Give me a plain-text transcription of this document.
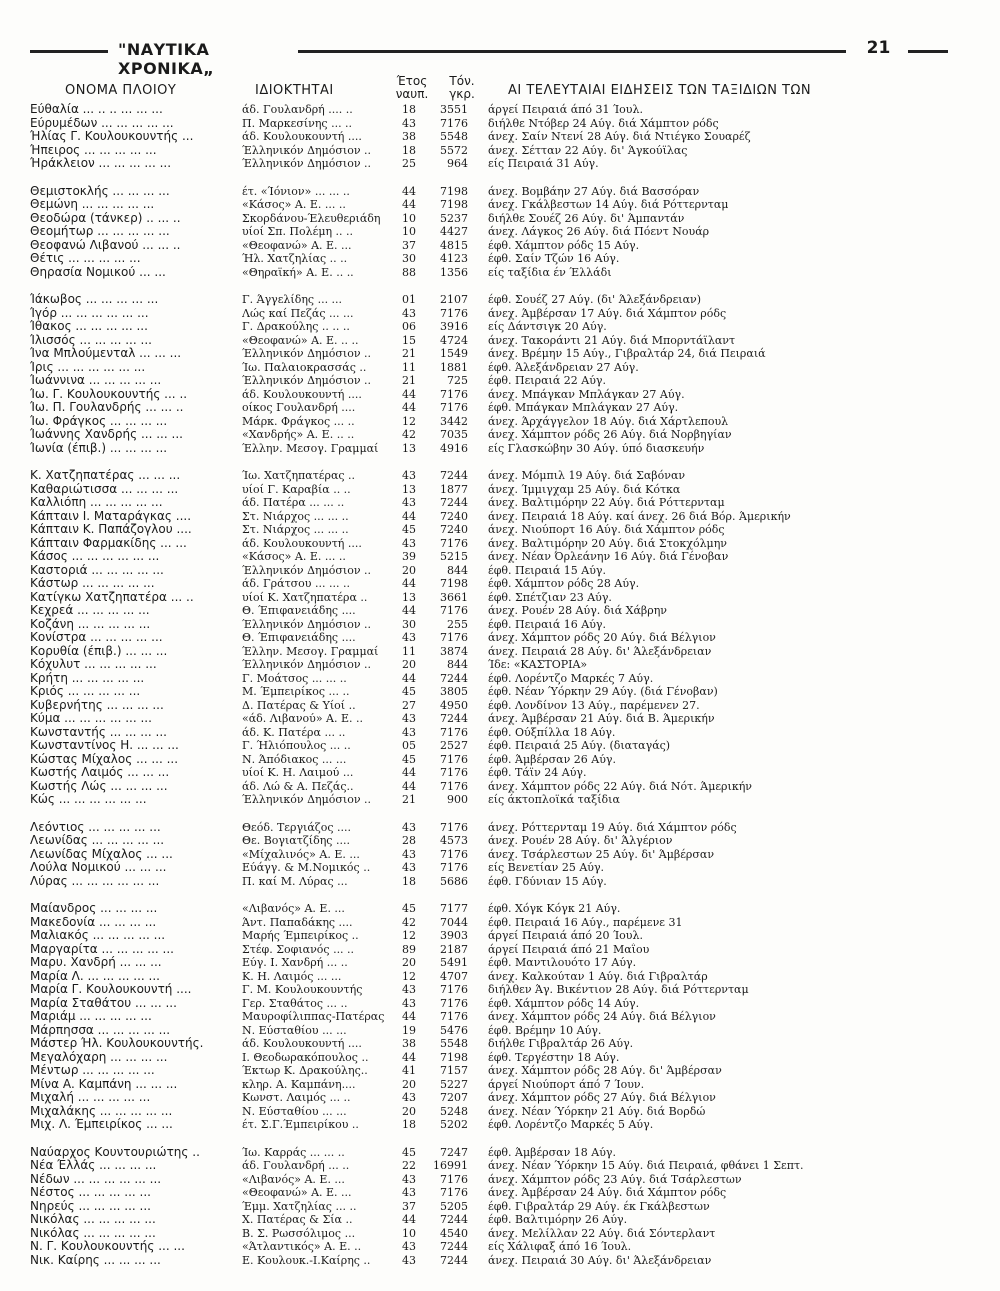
"ΝΑΥΤΙΚΑ ΧΡΟΝΙΚΑ„
21
ΟΝΟΜΑ ΠΛΟΙΟΥ	ΙΔΙΟΚΤΗΤΑΙ
Έτος
ναυπ.
Τόν.
γκρ.	ΑΙ ΤΕΛΕΥΤΑΙΑΙ ΕΙΔΗΣΕΙΣ ΤΩΝ ΤΑΞΙΔΙΩΝ ΤΩΝ
Εύθαλία ... .. .. ... ... ...	άδ. Γουλανδρή .... ..	18	3551	άργεί Πειραιά άπό 31 Ίουλ.
Εύρυμέδων ... ... ... ... ...	Π. Μαρκεσίνης ... ..	43	7176	διήλθε Ντόβερ 24 Αύγ. διά Χάμπτον ρόδς
Ήλίας Γ. Κουλουκουντής ...	άδ. Κουλουκουντή ....	38	5548	άνεχ. Σαίν Ντενί 28 Αύγ. διά Ντιέγκο Σουαρέζ
Ήπειρος ... ... ... ... ...	Έλληνικόν Δημόσιον ..	18	5572	άνεχ. Σέτταν 22 Αύγ. δι' Άγκούϊλας
Ήράκλειον ... ... ... ... ...	Έλληνικόν Δημόσιον ..	25	964	είς Πειραιά 31 Αύγ.
Θεμιστοκλής ... ... ... ...	έτ. «Ίόνιον» ... ... ..	44	7198	άνεχ. Βομβάην 27 Αύγ. διά Βασσόραν
Θεμώνη ... ... ... ... ...	«Κάσος» Α. Ε. ... ..	44	7198	άνεχ. Γκάλβεστων 14 Αύγ. διά Ρόττερνταμ
Θεοδώρα (τάνκερ) .. ... ..	Σκορδάνου-Έλευθεριάδη	10	5237	διήλθε Σουέζ 26 Αύγ. δι' Άμπαντάν
Θεομήτωρ ... ... ... ... ...	υίοί Σπ. Πολέμη .. ..	10	4427	άνεχ. Λάγκος 26 Αύγ. διά Πόεντ Νουάρ
Θεοφανώ Λιβανού ... ... ..	«Θεοφανώ» Α. Ε. ...	37	4815	έφθ. Χάμπτον ρόδς 15 Αύγ.
Θέτις ... ... ... ... ...	Ήλ. Χατζηλίας .. ..	30	4123	έφθ. Σαίν Τζών 16 Αύγ.
Θηρασία Νομικού ... ...	«Θηραϊκή» Α. Ε. .. ..	88	1356	είς ταξίδια έν Έλλάδι
Ίάκωβος ... ... ... ... ...	Γ. Άγγελίδης ... ...	01	2107	έφθ. Σουέζ 27 Αύγ. (δι' Άλεξάνδρειαν)
Ίγόρ ... ... ... ... ... ...	Λώς καί Πεζάς ... ...	43	7176	άνεχ. Άμβέρσαν 17 Αύγ. διά Χάμπτον ρόδς
Ίθακος ... ... ... ... ...	Γ. Δρακούλης .. .. ..	06	3916	είς Δάντσιγκ 20 Αύγ.
Ίλισσός ... ... ... ... ...	«Θεοφανώ» Α. Ε. .. ..	15	4724	άνεχ. Τακοράντι 21 Αύγ. διά Μπορντάϊλαντ
Ίνα Μπλούμενταλ ... ... ...	Έλληνικόν Δημόσιον ..	21	1549	άνεχ. Βρέμην 15 Αύγ., Γιβραλτάρ 24, διά Πειραιά
Ίρις ... ... ... ... ... ...	Ίω. Παλαιοκρασσάς ..	11	1881	έφθ. Άλεξάνδρειαν 27 Αύγ.
Ίωάννινα ... ... ... ... ...	Έλληνικόν Δημόσιον ..	21	725	έφθ. Πειραιά 22 Αύγ.
Ίω. Γ. Κουλουκουντής ... ..	άδ. Κουλουκουντή ....	44	7176	άνεχ. Μπάγκαν Μπλάγκαν 27 Αύγ.
Ίω. Π. Γουλανδρής ... ... ..	οίκος Γουλανδρή ....	44	7176	έφθ. Μπάγκαν Μπλάγκαν 27 Αύγ.
Ίω. Φράγκος ... ... ... ...	Μάρκ. Φράγκος ... ..	12	3442	άνεχ. Άρχάγγελον 18 Αύγ. διά Χάρτλεπουλ
Ίωάννης Χανδρής ... ... ...	«Χανδρής» Α. Ε. .. ..	42	7035	άνεχ. Χάμπτον ρόδς 26 Αύγ. διά Νορβηγίαν
Ίωνία (έπιβ.) ... ... ... ...	Έλλην. Μεσογ. Γραμμαί	13	4916	είς Γλασκώβην 30 Αύγ. ύπό διασκευήν
Κ. Χατζηπατέρας ... ... ...	Ίω. Χατζηπατέρας ..	43	7244	άνεχ. Μόμπιλ 19 Αύγ. διά Σαβόναν
Καθαριώτισσα ... ... ... ...	υίοί Γ. Καραβία .. ..	13	1877	άνεχ. Ίμμιγχαμ 25 Αύγ. διά Κότκα
Καλλιόπη ... ... ... ... ...	άδ. Πατέρα ... ... ..	43	7244	άνεχ. Βαλτιμόρην 22 Αύγ. διά Ρόττερνταμ
Κάπταιν Ι. Ματαράγκας ....	Στ. Νιάρχος ... ... ..	44	7240	άνεχ. Πειραιά 18 Αύγ. καί άνεχ. 26 διά Βόρ. Άμερικήν
Κάπταιν Κ. Παπάζογλου ....	Στ. Νιάρχος ... ... ..	45	7240	άνεχ. Νιούπορτ 16 Αύγ. διά Χάμπτον ρόδς
Κάπταιν Φαρμακίδης ... ...	άδ. Κουλουκουντή ....	43	7176	άνεχ. Βαλτιμόρην 20 Αύγ. διά Στοκχόλμην
Κάσος ... ... ... ... ... ...	«Κάσος» Α. Ε. ... ..	39	5215	άνεχ. Νέαν Όρλεάνην 16 Αύγ. διά Γένοβαν
Καστοριά ... ... ... ... ...	Έλληνικόν Δημόσιον ..	20	844	έφθ. Πειραιά 15 Αύγ.
Κάστωρ ... ... ... ... ...	άδ. Γράτσου ... ... ..	44	7198	έφθ. Χάμπτον ρόδς 28 Αύγ.
Κατίγκω Χατζηπατέρα ... ..	υίοί Κ. Χατζηπατέρα ..	13	3661	έφθ. Σπέτζιαν 23 Αύγ.
Κεχρεά ... ... ... ... ...	Θ. Έπιφανειάδης ....	44	7176	άνεχ. Ρουέν 28 Αύγ. διά Χάβρην
Κοζάνη ... ... ... ... ...	Έλληνικόν Δημόσιον ..	30	255	έφθ. Πειραιά 16 Αύγ.
Κονίστρα ... ... ... ... ...	Θ. Έπιφανειάδης ....	43	7176	άνεχ. Χάμπτον ρόδς 20 Αύγ. διά Βέλγιον
Κορυθία (έπιβ.) ... ... ...	Έλλην. Μεσογ. Γραμμαί	11	3874	άνεχ. Πειραιά 28 Αύγ. δι' Άλεξάνδρειαν
Κόχυλυτ ... ... ... ... ...	Έλληνικόν Δημόσιον ..	20	844	Ίδε: «ΚΑΣΤΟΡΙΑ»
Κρήτη ... ... ... ... ...	Γ. Μοάτσος ... ... ..	44	7244	έφθ. Λορέντζο Μαρκές 7 Αύγ.
Κριός ... ... ... ... ...	Μ. Έμπειρίκος ... ..	45	3805	έφθ. Νέαν Ύόρκην 29 Αύγ. (διά Γένοβαν)
Κυβερνήτης ... ... ... ...	Δ. Πατέρας & Υίοί ..	27	4950	έφθ. Λονδίνον 13 Αύγ., παρέμενεν 27.
Κύμα ... ... ... ... ... ...	«άδ. Λιβανού» Α. Ε. ..	43	7244	άνεχ. Άμβέρσαν 21 Αύγ. διά Β. Άμερικήν
Κωνσταντής ... ... ... ...	άδ. Κ. Πατέρα ... ..	43	7176	έφθ. Ούξπίλλα 18 Αύγ.
Κωνσταντίνος Η. ... ... ...	Γ. Ήλιόπουλος ... ..	05	2527	έφθ. Πειραιά 25 Αύγ. (διαταγάς)
Κώστας Μίχαλος ... ... ...	Ν. Άπόδιακος ... ...	45	7176	έφθ. Άμβέρσαν 26 Αύγ.
Κωστής Λαιμός ... ... ...	υίοί Κ. Η. Λαιμού ...	44	7176	έφθ. Τάϊν 24 Αύγ.
Κωστής Λώς ... ... ... ...	άδ. Λώ & Α. Πεζάς..	44	7176	άνεχ. Χάμπτον ρόδς 22 Αύγ. διά Νότ. Άμερικήν
Κώς ... ... ... ... ... ...	Έλληνικόν Δημόσιον ..	21	900	είς άκτοπλοϊκά ταξίδια
Λεόντιος ... ... ... ... ...	Θεόδ. Τεργιάζος ....	43	7176	άνεχ. Ρόττερνταμ 19 Αύγ. διά Χάμπτον ρόδς
Λεωνίδας ... ... ... ... ...	Θε. Βογιατζίδης ....	28	4573	άνεχ. Ρουέν 28 Αύγ. δι' Άλγέριον
Λεωνίδας Μίχαλος ... ...	«Μίχαλινός» Α. Ε. ...	43	7176	άνεχ. Τσάρλεστων 25 Αύγ. δι' Άμβέρσαν
Λούλα Νομικού ... ... ...	Εύάγγ. & Μ.Νομικός ..	43	7176	είς Βενετίαν 25 Αύγ.
Λύρας ... ... ... ... ... ...	Π. καί Μ. Λύρας ...	18	5686	έφθ. Γδύνιαν 15 Αύγ.
Μαίανδρος ... ... ... ...	«Λιβανός» Α. Ε. ...	45	7177	έφθ. Χόγκ Κόγκ 21 Αύγ.
Μακεδονία ... ... ... ...	Άντ. Παπαδάκης ....	42	7044	έφθ. Πειραιά 16 Αύγ., παρέμενε 31
Μαλιακός ... ... ... ... ...	Μαρής Έμπειρίκος ..	12	3903	άργεί Πειραιά άπό 20 Ίουλ.
Μαργαρίτα ... ... ... ... ...	Στέφ. Σοφιανός ... ..	89	2187	άργεί Πειραιά άπό 21 Μαΐου
Μαρυ. Χανδρή ... ... ...	Εύγ. Ι. Χανδρή ... ..	20	5491	έφθ. Μαντιλουότο 17 Αύγ.
Μαρία Λ. ... ... ... ... ...	Κ. Η. Λαιμός ... ...	12	4707	άνεχ. Καλκούταν 1 Αύγ. διά Γιβραλτάρ
Μαρία Γ. Κουλουκουντή ....	Γ. Μ. Κουλουκουντής	43	7176	διήλθεν Άγ. Βικέντιον 28 Αύγ. διά Ρόττερνταμ
Μαρία Σταθάτου ... ... ...	Γερ. Σταθάτος ... ..	43	7176	έφθ. Χάμπτον ρόδς 14 Αύγ.
Μαριάμ ... ... ... ... ...	Μαυροφίλιππας-Πατέρας	44	7176	άνεχ. Χάμπτον ρόδς 24 Αύγ. διά Βέλγιον
Μάρπησσα ... ... ... ... ...	Ν. Εύσταθίου ... ...	19	5476	έφθ. Βρέμην 10 Αύγ.
Μάστερ Ήλ. Κουλουκουντής.	άδ. Κουλουκουντή ....	38	5548	διήλθε Γιβραλτάρ 26 Αύγ.
Μεγαλόχαρη ... ... ... ...	Ι. Θεοδωρακόπουλος ..	44	7198	έφθ. Τεργέστην 18 Αύγ.
Μέντωρ ... ... ... ... ...	Έκτωρ Κ. Δρακούλης..	41	7157	άνεχ. Χάμπτον ρόδς 28 Αύγ. δι' Άμβέρσαν
Μίνα Α. Καμπάνη ... ... ...	κληρ. Α. Καμπάνη....	20	5227	άργεί Νιούπορτ άπό 7 Ίουν.
Μιχαλή ... ... ... ... ...	Κωνστ. Λαιμός ... ..	43	7207	άνεχ. Χάμπτον ρόδς 27 Αύγ. διά Βέλγιον
Μιχαλάκης ... ... ... ... ...	Ν. Εύσταθίου ... ...	20	5248	άνεχ. Νέαν Ύόρκην 21 Αύγ. διά Βορδώ
Μιχ. Λ. Έμπειρίκος ... ...	έτ. Σ.Γ.Έμπειρίκου ..	18	5202	έφθ. Λορέντζο Μαρκές 5 Αύγ.
Ναύαρχος Κουντουριώτης ..	Ίω. Καρράς ... ... ..	45	7247	έφθ. Άμβέρσαν 18 Αύγ.
Νέα Έλλάς ... ... ... ...	άδ. Γουλανδρή ... ..	22	16991	άνεχ. Νέαν Ύόρκην 15 Αύγ. διά Πειραιά, φθάνει 1 Σεπτ.
Νέδων ... ... ... ... ... ...	«Λιβανός» Α. Ε. ...	43	7176	άνεχ. Χάμπτον ρόδς 23 Αύγ. διά Τσάρλεστων
Νέστος ... ... ... ... ...	«Θεοφανώ» Α. Ε. ...	43	7176	άνεχ. Άμβέρσαν 24 Αύγ. διά Χάμπτον ρόδς
Νηρεύς ... ... ... ... ...	Έμμ. Χατζηλίας ... ..	37	5205	έφθ. Γιβραλτάρ 29 Αύγ. έκ Γκάλβεστων
Νικόλας ... ... ... ... ...	Χ. Πατέρας & Σία ..	44	7244	έφθ. Βαλτιμόρην 26 Αύγ.
Νικόλας ... ... ... ... ...	Β. Σ. Ρωσσόλιμος ...	10	4540	άνεχ. Μελίλλαν 22 Αύγ. διά Σόντερλαντ
Ν. Γ. Κουλουκουντής ... ...	«Άτλαντικός» Α. Ε. ..	43	7244	είς Χάλιφαξ άπό 16 Ίουλ.
Νικ. Καίρης ... ... ... ...	Ε. Κουλουκ.-Ι.Καίρης ..	43	7244	άνεχ. Πειραιά 30 Αύγ. δι' Άλεξάνδρειαν
